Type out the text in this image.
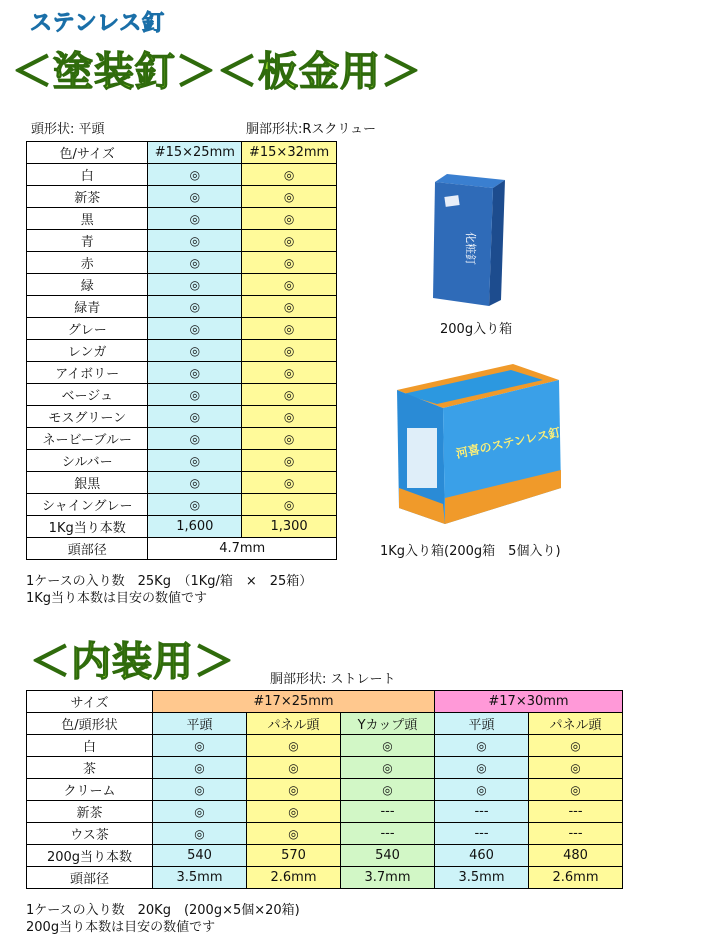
ステンレス釘
＜塗装釘＞＜板金用＞
頭形状: 平頭	胴部形状:Rスクリュー
色/サイズ	#15×25mm	#15×32mm
白	◎	◎
新茶	◎	◎
黒	◎	◎
青	◎	◎
赤	◎	◎
緑	◎	◎
緑青	◎	◎
グレー	◎	◎
レンガ	◎	◎
アイボリー	◎	◎
ベージュ	◎	◎
モスグリーン	◎	◎
ネービーブルー	◎	◎
シルバー	◎	◎
銀黒	◎	◎
シャイングレー	◎	◎
1Kg当り本数	1,600	1,300
頭部径	4.7mm	
1ケースの入り数　25Kg　（1Kg/箱　×　25箱）
1Kg当り本数は目安の数値です
化粧釘
200g入り箱
河喜のステンレス釘
1Kg入り箱(200g箱　5個入り)
＜内装用＞	胴部形状: ストレート
サイズ	#17×25mm			#17×30mm	
色/頭形状	平頭	パネル頭	Yカップ頭	平頭	パネル頭
白	◎	◎	◎	◎	◎
茶	◎	◎	◎	◎	◎
クリーム	◎	◎	◎	◎	◎
新茶	◎	◎	---	---	---
ウス茶	◎	◎	---	---	---
200g当り本数	540	570	540	460	480
頭部径	3.5mm	2.6mm	3.7mm	3.5mm	2.6mm
1ケースの入り数　20Kg　(200g×5個×20箱)
200g当り本数は目安の数値です
